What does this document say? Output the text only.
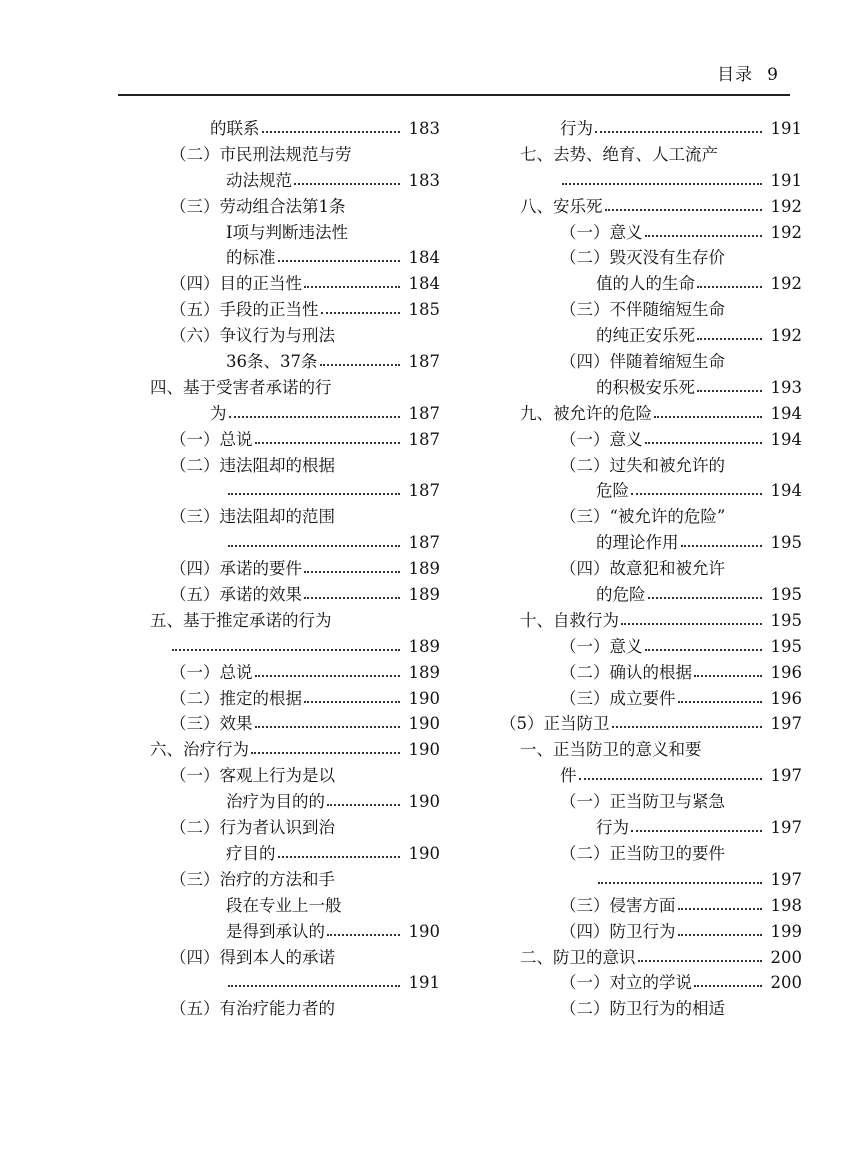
目录 9
的联系	183
（二）市民刑法规范与劳
动法规范	183
（三）劳动组合法第1条
Ⅰ项与判断违法性
的标准	184
（四）目的正当性	184
（五）手段的正当性	185
（六）争议行为与刑法
36条、37条	187
四、基于受害者承诺的行
为	187
（一）总说	187
（二）违法阻却的根据
187
（三）违法阻却的范围
187
（四）承诺的要件	189
（五）承诺的效果	189
五、基于推定承诺的行为
189
（一）总说	189
（二）推定的根据	190
（三）效果	190
六、治疗行为	190
（一）客观上行为是以
治疗为目的的	190
（二）行为者认识到治
疗目的	190
（三）治疗的方法和手
段在专业上一般
是得到承认的	190
（四）得到本人的承诺
191
（五）有治疗能力者的
行为	191
七、去势、绝育、人工流产
191
八、安乐死	192
（一）意义	192
（二）毁灭没有生存价
值的人的生命	192
（三）不伴随缩短生命
的纯正安乐死	192
（四）伴随着缩短生命
的积极安乐死	193
九、被允许的危险	194
（一）意义	194
（二）过失和被允许的
危险	194
（三）“被允许的危险”
的理论作用	195
（四）故意犯和被允许
的危险	195
十、自救行为	195
（一）意义	195
（二）确认的根据	196
（三）成立要件	196
（5）正当防卫	197
一、正当防卫的意义和要
件	197
（一）正当防卫与紧急
行为	197
（二）正当防卫的要件
197
（三）侵害方面	198
（四）防卫行为	199
二、防卫的意识	200
（一）对立的学说	200
（二）防卫行为的相适
